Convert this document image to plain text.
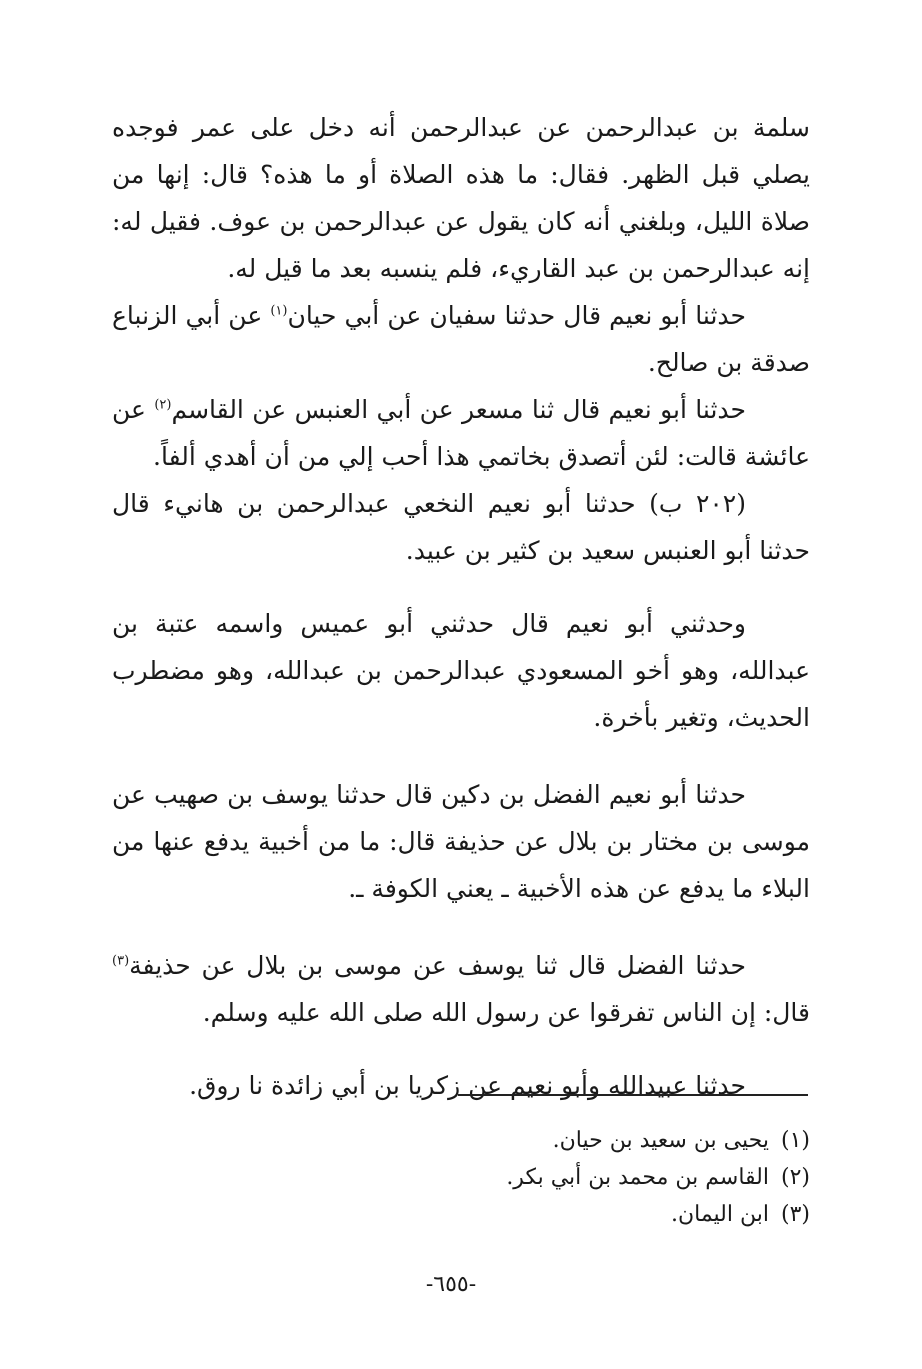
سلمة بن عبدالرحمن عن عبدالرحمن أنه دخل على عمر فوجده يصلي قبل الظهر. فقال: ما هذه الصلاة أو ما هذه؟ قال: إنها من صلاة الليل، وبلغني أنه كان يقول عن عبدالرحمن بن عوف. فقيل له: إنه عبدالرحمن بن عبد القاريء، فلم ينسبه بعد ما قيل له.

حدثنا أبو نعيم قال حدثنا سفيان عن أبي حيان$^{(١)}$ عن أبي الزنباع صدقة بن صالح.

حدثنا أبو نعيم قال ثنا مسعر عن أبي العنبس عن القاسم$^{(٢)}$ عن عائشة قالت: لئن أتصدق بخاتمي هذا أحب إلي من أن أهدي ألفاً.

(٢٠٢ ب) حدثنا أبو نعيم النخعي عبدالرحمن بن هانيء قال حدثنا أبو العنبس سعيد بن كثير بن عبيد.

وحدثني أبو نعيم قال حدثني أبو عميس واسمه عتبة بن عبدالله، وهو أخو المسعودي عبدالرحمن بن عبدالله، وهو مضطرب الحديث، وتغير بأخرة.

حدثنا أبو نعيم الفضل بن دكين قال حدثنا يوسف بن صهيب عن موسى بن مختار بن بلال عن حذيفة قال: ما من أخبية يدفع عنها من البلاء ما يدفع عن هذه الأخبية ـ يعني الكوفة ـ.

حدثنا الفضل قال ثنا يوسف عن موسى بن بلال عن حذيفة$^{(٣)}$ قال: إن الناس تفرقوا عن رسول الله صلى الله عليه وسلم.

حدثنا عبيدالله وأبو نعيم عن زكريا بن أبي زائدة نا روق.

(١)يحيى بن سعيد بن حيان.
(٢)القاسم بن محمد بن أبي بكر.
(٣)ابن اليمان.
-٦٥٥-
